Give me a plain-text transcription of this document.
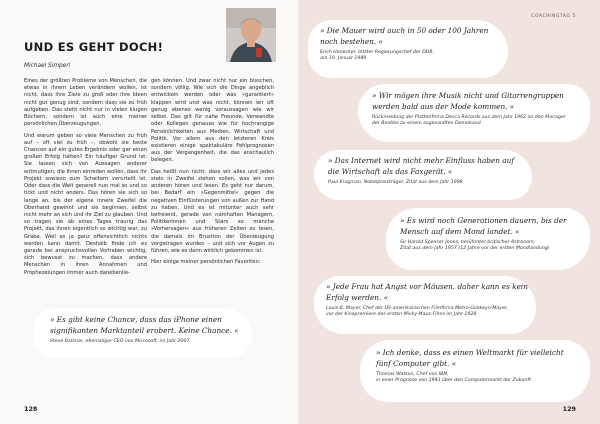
UND ES GEHT DOCH!
Michael Simperl

Eines der größten Probleme von Menschen, die etwas in ihrem Leben verändern wollen, ist nicht, dass ihre Ziele zu groß oder ihre Ideen nicht gut genug sind, sondern dass sie zu früh aufgeben. Das steht nicht nur in vielen klugen Büchern, sondern ist auch eine meiner persönlichen Überzeugungen.

Und warum geben so viele Menschen zu früh auf – oft viel zu früh –, obwohl sie beste Chancen auf ein gutes Ergebnis oder gar einen großen Erfolg hätten? Ein häufiger Grund ist: Sie lassen sich von Aussagen anderer entmutigen, die ihnen einreden wollen, dass ihr Projekt sowieso zum Scheitern verurteilt ist. Oder dass die Welt generell nun mal so und so tickt und nicht anders. Das hören sie sich so lange an, bis der eigene innere Zweifel die Oberhand gewinnt und sie beginnen, selbst nicht mehr an sich und ihr Ziel zu glauben. Und so tragen sie ab eines Tages traurig das Projekt, das ihnen eigentlich so wichtig war, zu Grabe. Weil es ja ganz offensichtlich nichts werden kann damit. Deshalb finde ich es gerade bei anspruchsvollen Vorhaben wichtig, sich bewusst zu machen, dass andere Menschen in ihren Annahmen und Prophezeiungen immer auch danebenlie-

gen können. Und zwar nicht nur ein bisschen, sondern völlig. Wie sich die Dinge angeblich entwickeln werden oder was »garantiert« klappen wird und was nicht, können wir oft genug ebenso wenig voraussagen wie wir selbst. Das gilt für nahe Freunde, Verwandte oder Kollegen genauso wie für hochrangige Persönlichkeiten aus Medien, Wirtschaft und Politik. Vor allem aus den letzteren Kreis existieren einige spektakuläre Fehlprognosen aus der Vergangenheit, die das anschaulich belegen.

Das heißt nun nicht, dass wir alles und jedes stets in Zweifel ziehen sollen, was wir von anderen hören und lesen. Es geht nur darum, bei Bedarf ein »Gegenmittel« gegen die negativen Einflüsterungen von außen zur Hand zu haben. Und es ist mitunter auch sehr befreiend, gerade von namhaften Managern, Politikerinnen und Stars so manche »Vorhersagen« aus früheren Zeiten zu lesen, die damals im Brustton der Überzeugung vorgetragen wurden – und sich vor Augen zu führen, wie es dann wirklich gekommen ist.

Hier einige meiner persönlichen Favoriten:

» Es gibt keine Chance, dass das iPhone einen signifikanten Marktanteil erobert. Keine Chance. «
Steve Ballmer, ehemaliger CEO von Microsoft, im Jahr 2007
128
COACHINGTAG 5
» Die Mauer wird auch in 50 oder 100 Jahren noch bestehen. «
Erich Honecker, letzter Regierungschef der DDR,
am 19. Januar 1989
» Wir mögen ihre Musik nicht und Gitarrengruppen werden bald aus der Mode kommen. «
Rückmeldung der Plattenfirma Decca Records aus dem Jahr 1962 an den Manager
der Beatles zu einem zugesandten Demoband
» Das Internet wird nicht mehr Einfluss haben auf die Wirtschaft als das Faxgerät. «
Paul Krugman, Nobelpreisträger, Zitat aus dem Jahr 1998
» Es wird noch Generationen dauern, bis der Mensch auf dem Mond landet. «
Sir Harold Spencer Jones, berühmter britischer Astronom,
Zitat aus dem Jahr 1957 (12 Jahre vor der ersten Mondlandung)
» Jede Frau hat Angst vor Mäusen, daher kann es kein Erfolg werden. «
Louis B. Mayer, Chef der US-amerikanischen Filmfirma Metro-Goldwyn-Mayer,
vor der Kinopremiere des ersten Micky-Maus-Films im Jahr 1928
» Ich denke, dass es einen Weltmarkt für vielleicht fünf Computer gibt. «
Thomas Watson, Chef von IBM,
in einer Prognose von 1943 über den Computermarkt der Zukunft
129
